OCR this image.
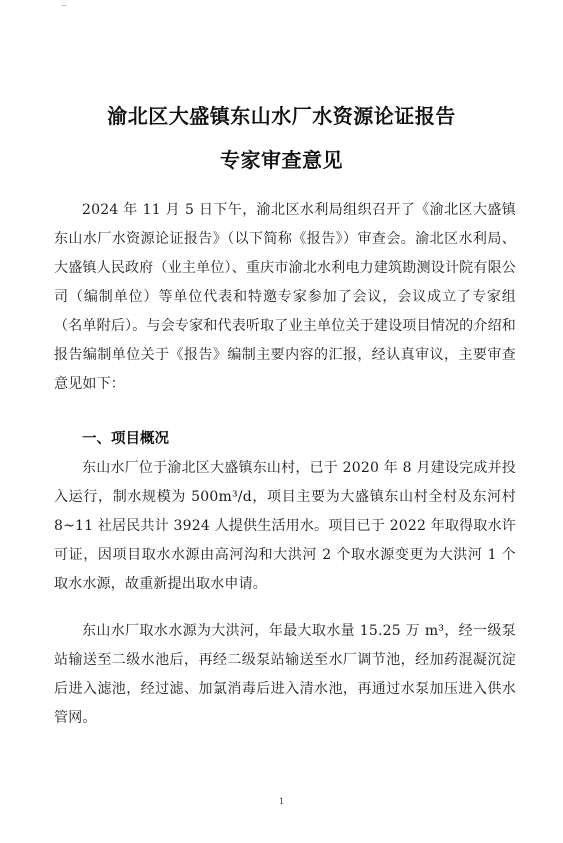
渝北区大盛镇东山水厂水资源论证报告
专家审查意见
2024 年 11 月 5 日下午，渝北区水利局组织召开了《渝北区大盛镇东山水厂水资源论证报告》（以下简称《报告》）审查会。渝北区水利局、大盛镇人民政府（业主单位）、重庆市渝北水利电力建筑勘测设计院有限公司（编制单位）等单位代表和特邀专家参加了会议，会议成立了专家组（名单附后）。与会专家和代表听取了业主单位关于建设项目情况的介绍和报告编制单位关于《报告》编制主要内容的汇报，经认真审议，主要审查意见如下：
一、项目概况
东山水厂位于渝北区大盛镇东山村，已于 2020 年 8 月建设完成并投入运行，制水规模为 500m³/d，项目主要为大盛镇东山村全村及东河村 8~11 社居民共计 3924 人提供生活用水。项目已于 2022 年取得取水许可证，因项目取水水源由高河沟和大洪河 2 个取水源变更为大洪河 1 个取水水源，故重新提出取水申请。
东山水厂取水水源为大洪河，年最大取水量 15.25 万 m³，经一级泵站输送至二级水池后，再经二级泵站输送至水厂调节池，经加药混凝沉淀后进入滤池，经过滤、加氯消毒后进入清水池，再通过水泵加压进入供水管网。
1
